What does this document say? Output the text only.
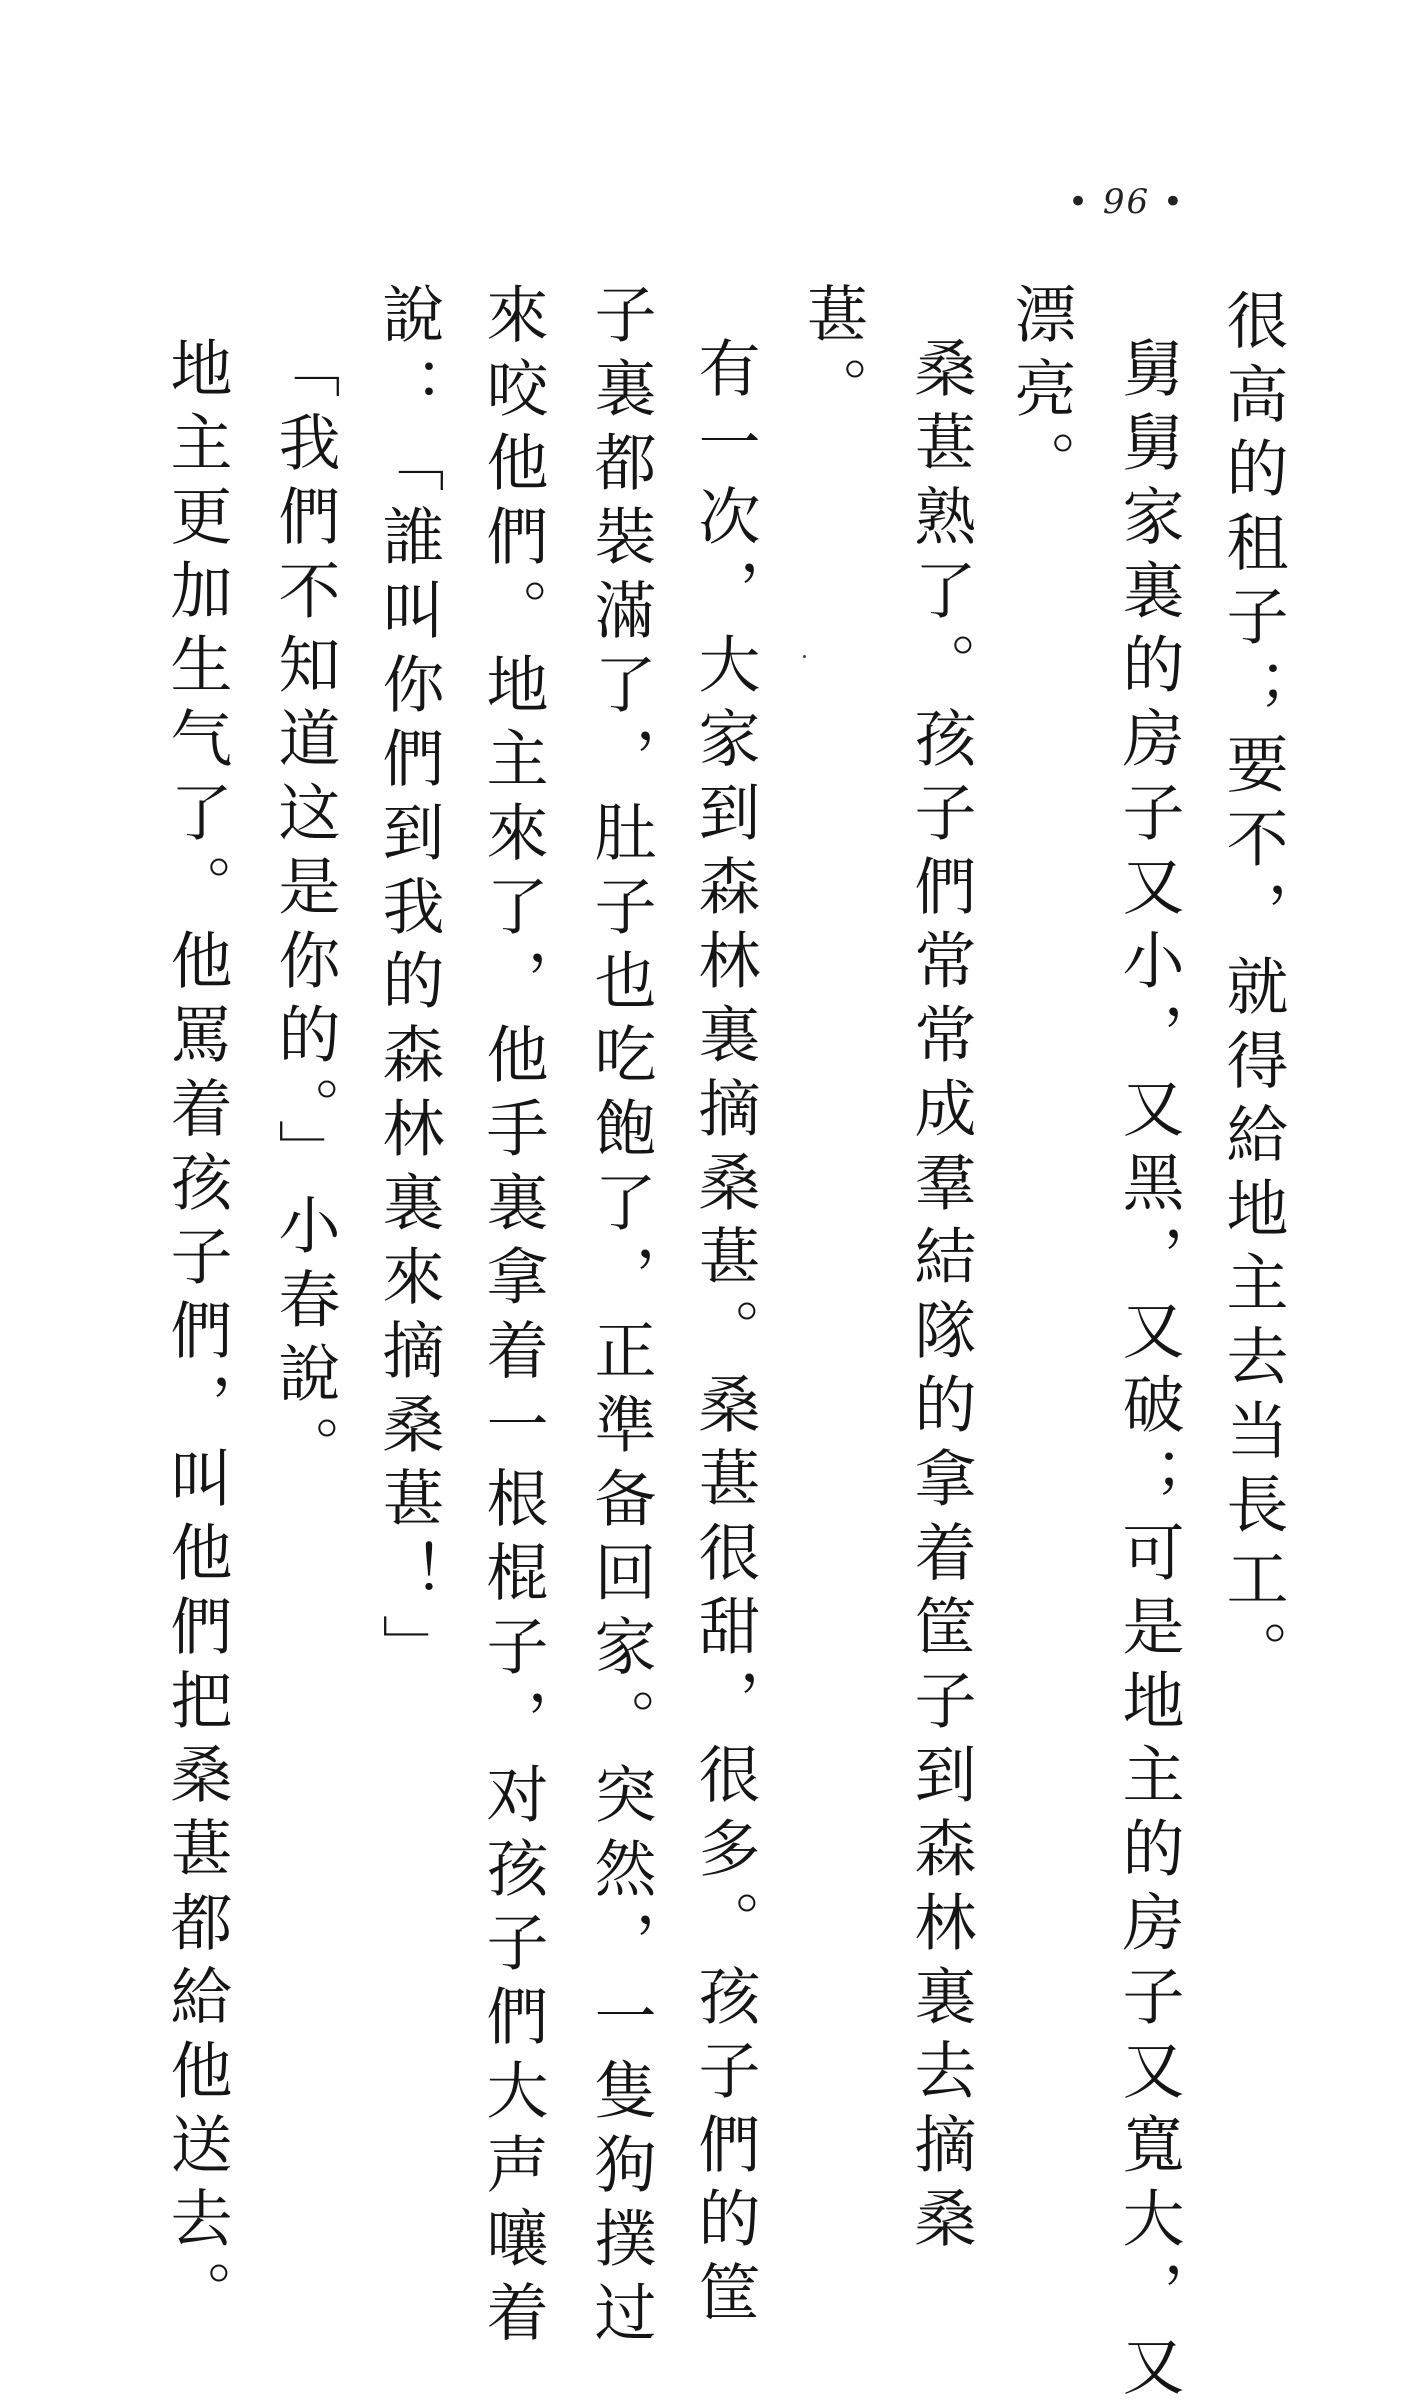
• 96 •
很高的租子；要不，就得給地主去当長工。
舅舅家裏的房子又小，又黑，又破；可是地主的房子又寬大，又
漂亮。
桑葚熟了。孩子們常常成羣結隊的拿着筐子到森林裏去摘桑
葚。
有一次，大家到森林裏摘桑葚。桑葚很甜，很多。孩子們的筐
子裏都裝滿了，肚子也吃飽了，正準备回家。突然，一隻狗撲过
來咬他們。地主來了，他手裏拿着一根棍子，对孩子們大声嚷着
說：「誰叫你們到我的森林裏來摘桑葚！」
「我們不知道这是你的。」小春說。
地主更加生气了。他罵着孩子們，叫他們把桑葚都給他送去。
